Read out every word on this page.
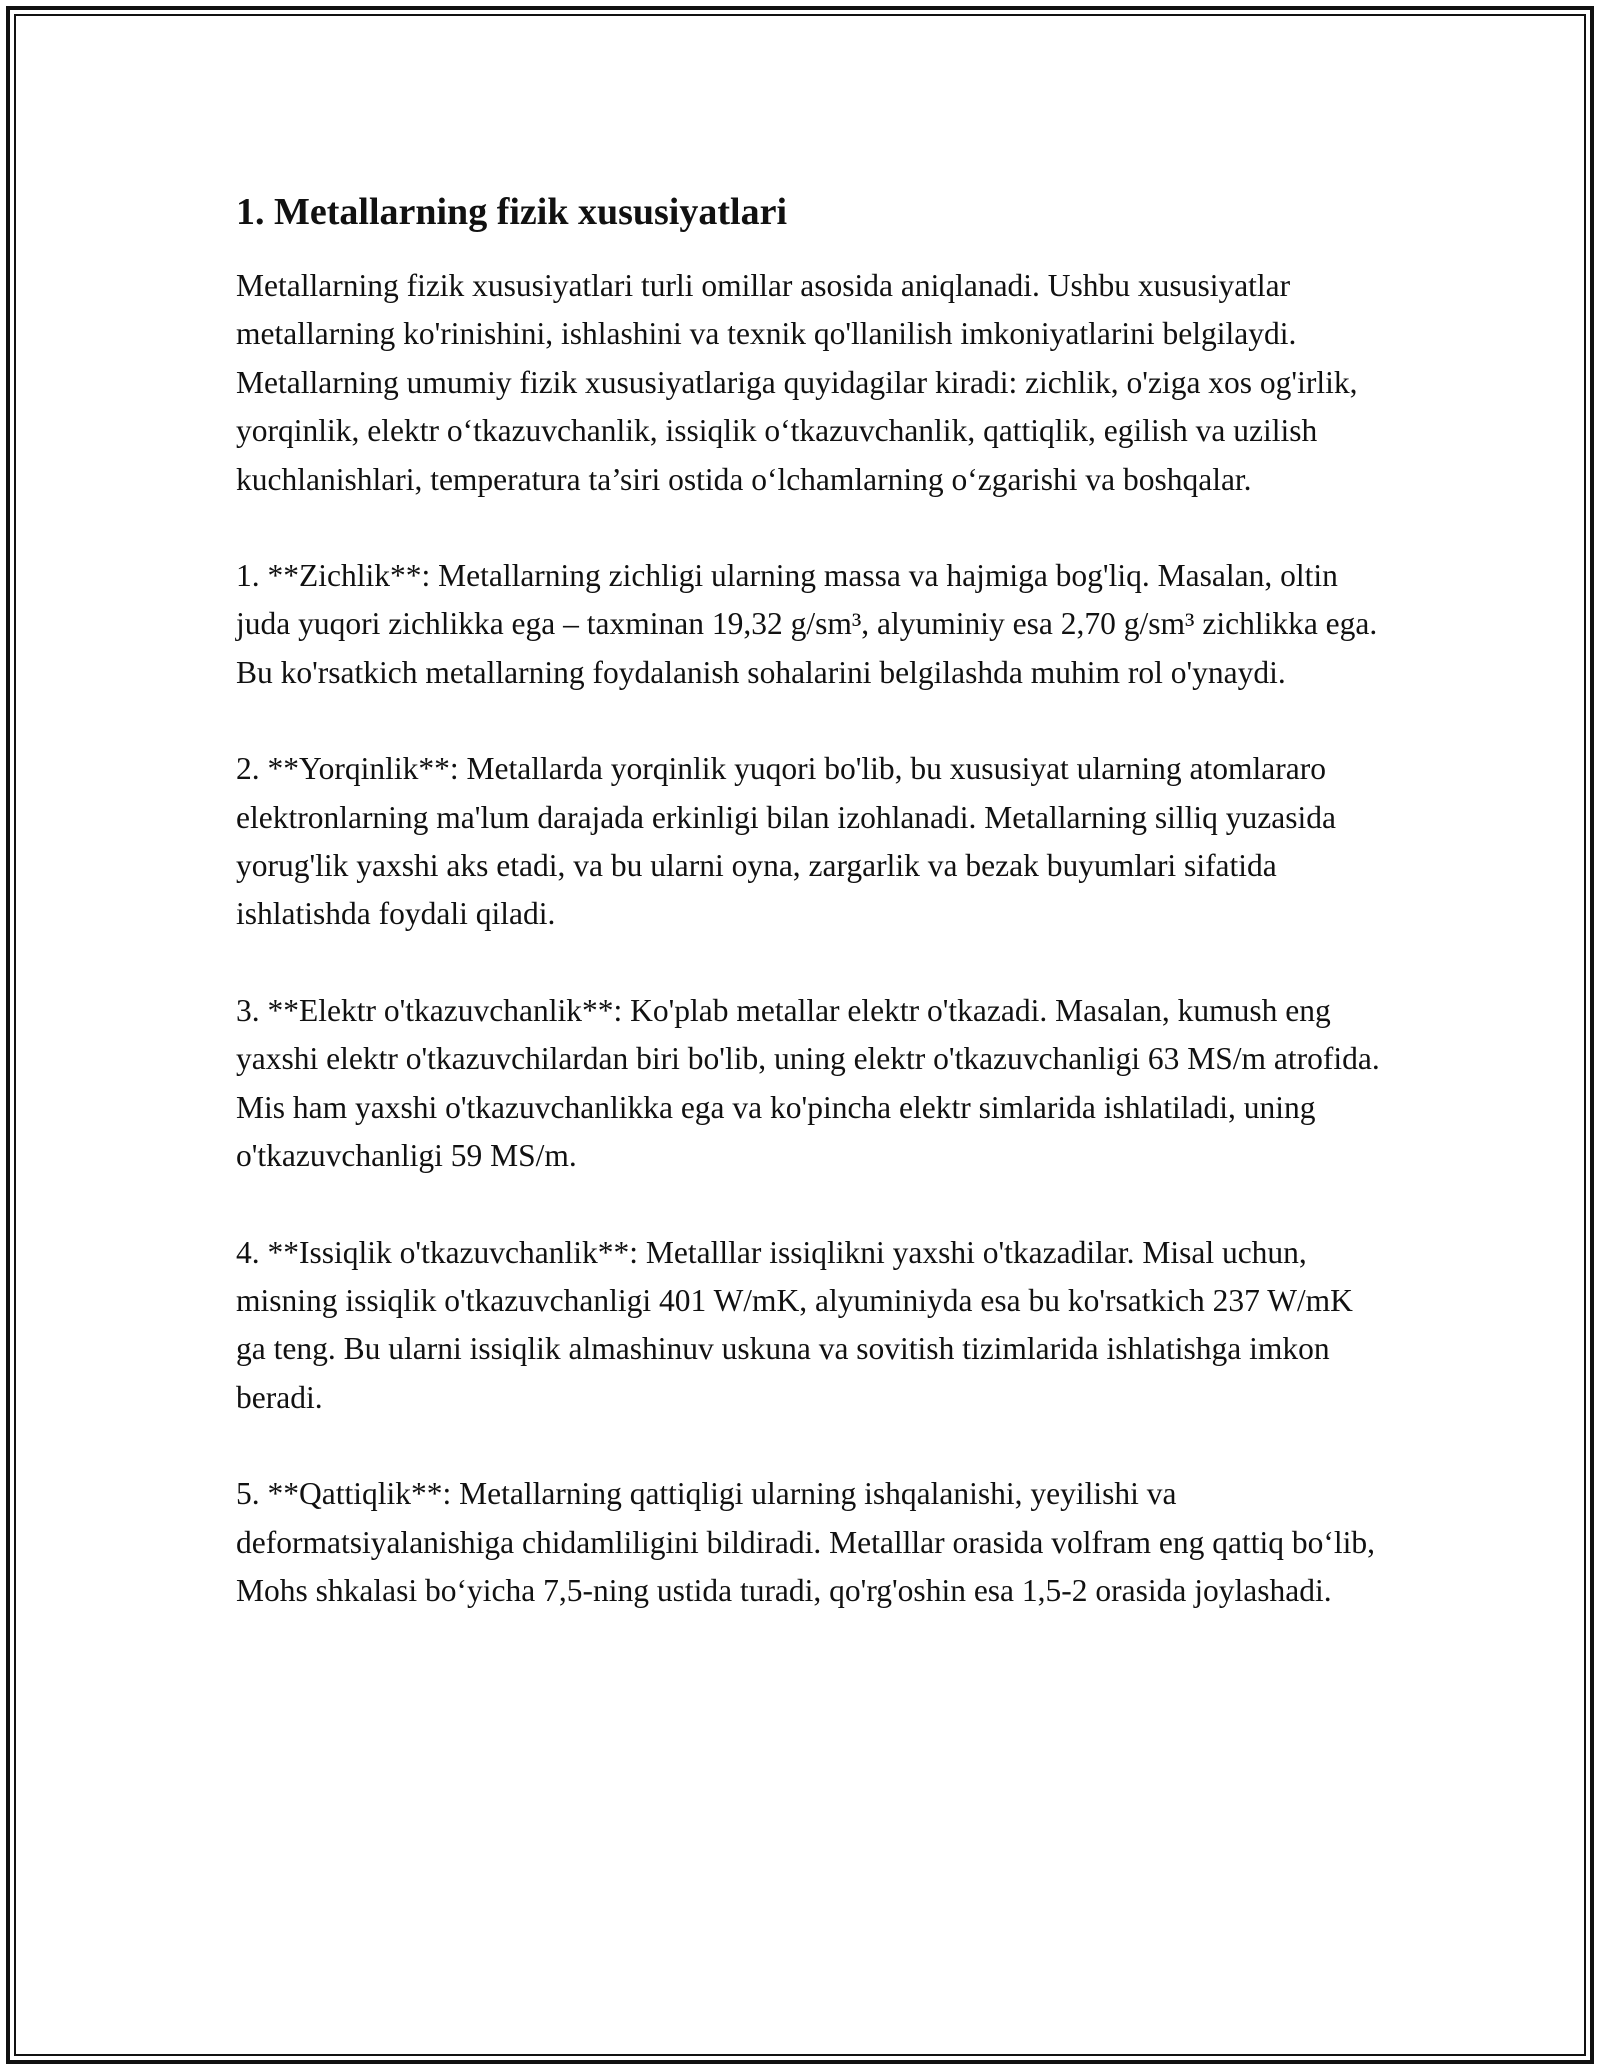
1. Metallarning fizik xususiyatlari

Metallarning fizik xususiyatlari turli omillar asosida aniqlanadi. Ushbu xususiyatlar metallarning ko'rinishini, ishlashini va texnik qo'llanilish imkoniyatlarini belgilaydi. Metallarning umumiy fizik xususiyatlariga quyidagilar kiradi: zichlik, o'ziga xos og'irlik, yorqinlik, elektr o‘tkazuvchanlik, issiqlik o‘tkazuvchanlik, qattiqlik, egilish va uzilish kuchlanishlari, temperatura ta’siri ostida o‘lchamlarning o‘zgarishi va boshqalar.

1. **Zichlik**: Metallarning zichligi ularning massa va hajmiga bog'liq. Masalan, oltin juda yuqori zichlikka ega – taxminan 19,32 g/sm³, alyuminiy esa 2,70 g/sm³ zichlikka ega. Bu ko'rsatkich metallarning foydalanish sohalarini belgilashda muhim rol o'ynaydi.

2. **Yorqinlik**: Metallarda yorqinlik yuqori bo'lib, bu xususiyat ularning atomlararo elektronlarning ma'lum darajada erkinligi bilan izohlanadi. Metallarning silliq yuzasida yorug'lik yaxshi aks etadi, va bu ularni oyna, zargarlik va bezak buyumlari sifatida ishlatishda foydali qiladi.

3. **Elektr o'tkazuvchanlik**: Ko'plab metallar elektr o'tkazadi. Masalan, kumush eng yaxshi elektr o'tkazuvchilardan biri bo'lib, uning elektr o'tkazuvchanligi 63 MS/m atrofida. Mis ham yaxshi o'tkazuvchanlikka ega va ko'pincha elektr simlarida ishlatiladi, uning o'tkazuvchanligi 59 MS/m.

4. **Issiqlik o'tkazuvchanlik**: Metalllar issiqlikni yaxshi o'tkazadilar. Misal uchun, misning issiqlik o'tkazuvchanligi 401 W/mK, alyuminiyda esa bu ko'rsatkich 237 W/mK ga teng. Bu ularni issiqlik almashinuv uskuna va sovitish tizimlarida ishlatishga imkon beradi.

5. **Qattiqlik**: Metallarning qattiqligi ularning ishqalanishi, yeyilishi va deformatsiyalanishiga chidamliligini bildiradi. Metalllar orasida volfram eng qattiq bo‘lib, Mohs shkalasi bo‘yicha 7,5-ning ustida turadi, qo'rg'oshin esa 1,5-2 orasida joylashadi.
